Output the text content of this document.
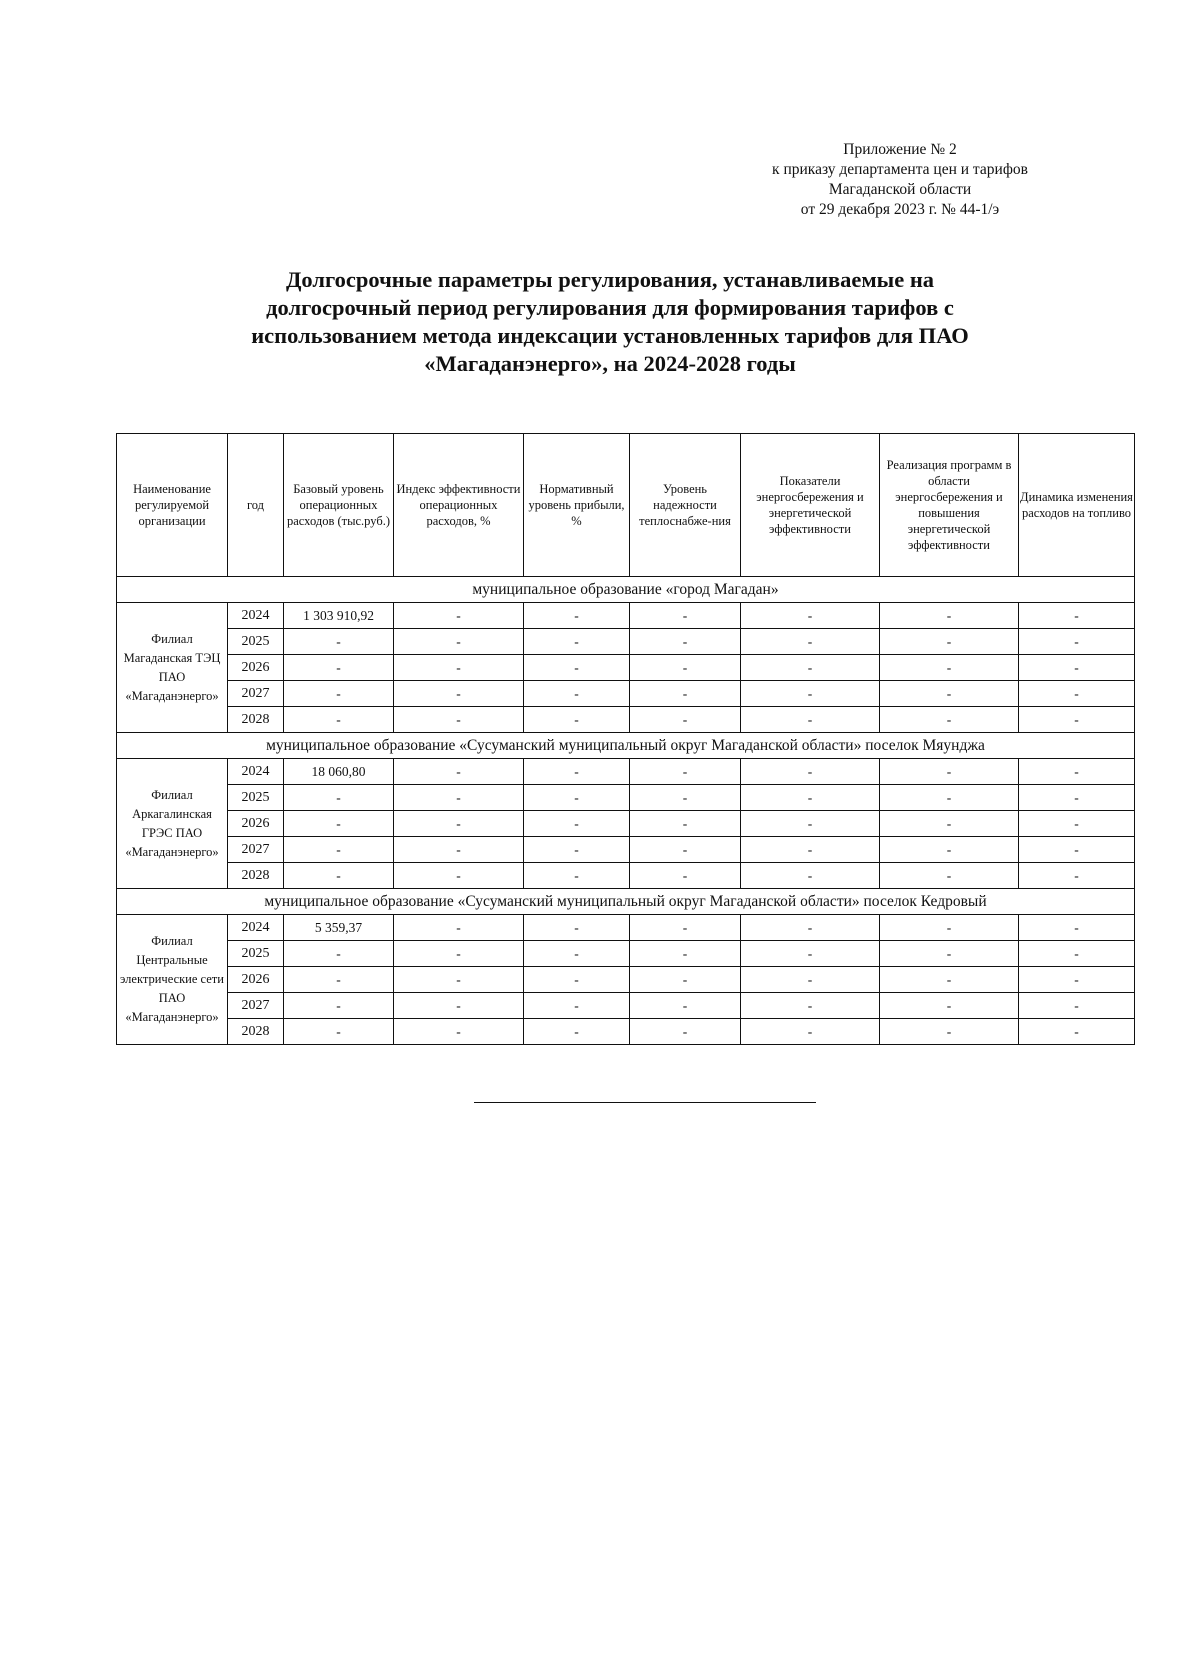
Приложение № 2
к приказу департамента цен и тарифов
Магаданской области
от 29 декабря 2023 г. № 44-1/э
Долгосрочные параметры регулирования, устанавливаемые на
долгосрочный период регулирования для формирования тарифов с
использованием метода индексации установленных тарифов для ПАО
«Магаданэнерго», на 2024-2028 годы
Наименование регулируемой организации	год	Базовый уровень операционных расходов (тыс.руб.)	Индекс эффективности операционных расходов, %	Нормативный уровень прибыли, %	Уровень надежности теплоснабже-ния	Показатели энергосбережения и энергетической эффективности	Реализация программ в области энергосбережения и повышения энергетической эффективности	Динамика изменения расходов на топливо
муниципальное образование «город Магадан»								
Филиал Магаданская ТЭЦ ПАО «Магаданэнерго»	2024	1 303 910,92	-	-	-	-	-	-
	2025	-	-	-	-	-	-	-
	2026	-	-	-	-	-	-	-
	2027	-	-	-	-	-	-	-
	2028	-	-	-	-	-	-	-
муниципальное образование «Сусуманский муниципальный округ Магаданской области» поселок Мяунджа								
Филиал Аркагалинская ГРЭС ПАО «Магаданэнерго»	2024	18 060,80	-	-	-	-	-	-
	2025	-	-	-	-	-	-	-
	2026	-	-	-	-	-	-	-
	2027	-	-	-	-	-	-	-
	2028	-	-	-	-	-	-	-
муниципальное образование «Сусуманский муниципальный округ Магаданской области» поселок Кедровый								
Филиал Центральные электрические сети ПАО «Магаданэнерго»	2024	5 359,37	-	-	-	-	-	-
	2025	-	-	-	-	-	-	-
	2026	-	-	-	-	-	-	-
	2027	-	-	-	-	-	-	-
	2028	-	-	-	-	-	-	-
